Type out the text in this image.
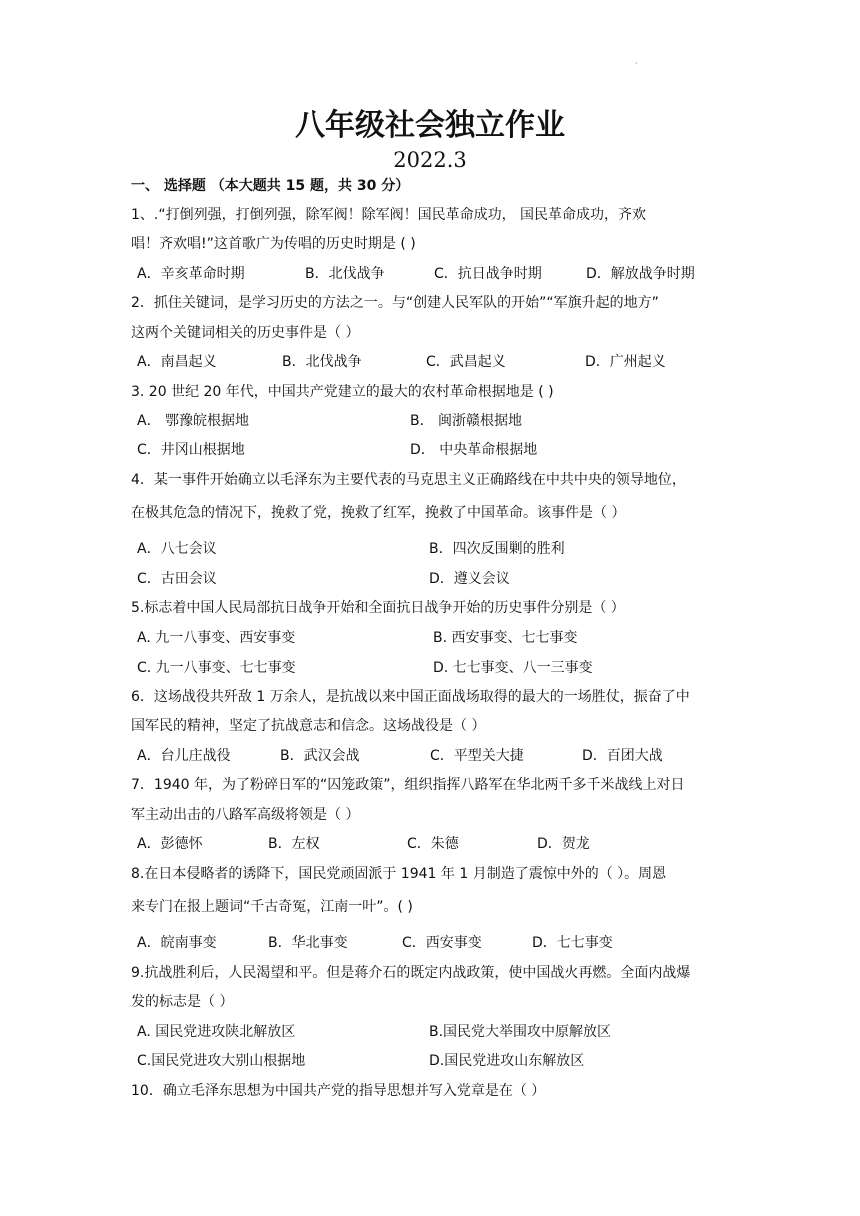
·
八年级社会独立作业
2022.3
一、 选择题 （本大题共 15 题，共 30 分）
1、.“打倒列强，打倒列强，除军阀！除军阀！国民革命成功， 国民革命成功，齐欢
唱！齐欢唱!”这首歌广为传唱的历史时期是 ( )
A．辛亥革命时期	B．北伐战争	C．抗日战争时期	D．解放战争时期
2．抓住关键词，是学习历史的方法之一。与“创建人民军队的开始”“军旗升起的地方”
这两个关键词相关的历史事件是（ ）
A．南昌起义	B．北伐战争	C．武昌起义	D．广州起义
3. 20 世纪 20 年代，中国共产党建立的最大的农村革命根据地是 ( )
A． 鄂豫皖根据地	B． 闽浙赣根据地
C．井冈山根据地	D． 中央革命根据地
4．某一事件开始确立以毛泽东为主要代表的马克思主义正确路线在中共中央的领导地位，
在极其危急的情况下，挽救了党，挽救了红军，挽救了中国革命。该事件是（ ）
A．八七会议	B．四次反围剿的胜利
C．古田会议	D．遵义会议
5.标志着中国人民局部抗日战争开始和全面抗日战争开始的历史事件分别是（ ）
A. 九一八事变、西安事变	B. 西安事变、七七事变
C. 九一八事变、七七事变	D. 七七事变、八一三事变
6．这场战役共歼敌 1 万余人，是抗战以来中国正面战场取得的最大的一场胜仗，振奋了中
国军民的精神，坚定了抗战意志和信念。这场战役是（ ）
A．台儿庄战役	B．武汉会战	C．平型关大捷	D．百团大战
7．1940 年，为了粉碎日军的“囚笼政策”，组织指挥八路军在华北两千多千米战线上对日
军主动出击的八路军高级将领是（ ）
A．彭德怀	B．左权	C．朱德	D．贺龙
8.在日本侵略者的诱降下，国民党顽固派于 1941 年 1 月制造了震惊中外的（ ）。周恩
来专门在报上题词“千古奇冤，江南一叶”。( )
A．皖南事变	B．华北事变	C．西安事变	D．七七事变
9.抗战胜利后，人民渴望和平。但是蒋介石的既定内战政策，使中国战火再燃。全面内战爆
发的标志是（ ）
A. 国民党进攻陕北解放区	B.国民党大举围攻中原解放区
C.国民党进攻大别山根据地	D.国民党进攻山东解放区
10．确立毛泽东思想为中国共产党的指导思想并写入党章是在（ ）
